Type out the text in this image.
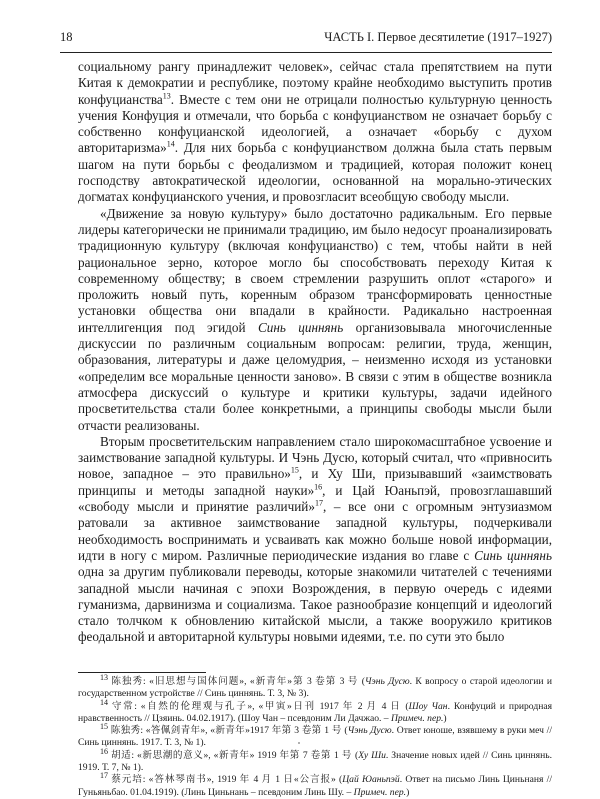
18	ЧАСТЬ I. Первое десятилетие (1917–1927)

социальному рангу принадлежит человек», сейчас стала препятствием на пути Китая к демократии и республике, поэтому крайне необходимо выступить против конфуцианства$^{13}$. Вместе с тем они не отрицали полностью культурную ценность учения Конфуция и отмечали, что борьба с конфуцианством не означает борьбу с собственно конфуцианской идеологией, а означает «борьбу с духом авторитаризма»$^{14}$. Для них борьба с конфуцианством должна была стать первым шагом на пути борьбы с феодализмом и традицией, которая положит конец господству автократической идеологии, основанной на морально-этических догматах конфуцианского учения, и провозгласит всеобщую свободу мысли.

«Движение за новую культуру» было достаточно радикальным. Его первые лидеры категорически не принимали традицию, им было недосуг проанализировать традиционную культуру (включая конфуцианство) с тем, чтобы найти в ней рациональное зерно, которое могло бы способствовать переходу Китая к современному обществу; в своем стремлении разрушить оплот «старого» и проложить новый путь, коренным образом трансформировать ценностные установки общества они впадали в крайности. Радикально настроенная интеллигенция под эгидой Синь циннянь организовывала многочисленные дискуссии по различным социальным вопросам: религии, труда, женщин, образования, литературы и даже целомудрия, – неизменно исходя из установки «определим все моральные ценности заново». В связи с этим в обществе возникла атмосфера дискуссий о культуре и критики культуры, задачи идейного просветительства стали более конкретными, а принципы свободы мысли были отчасти реализованы.

Вторым просветительским направлением стало широкомасштабное усвоение и заимствование западной культуры. И Чэнь Дусю, который считал, что «привносить новое, западное – это правильно»$^{15}$, и Ху Ши, призывавший «заимствовать принципы и методы западной науки»$^{16}$, и Цай Юаньпэй, провозглашавший «свободу мысли и принятие различий»$^{17}$, – все они с огромным энтузиазмом ратовали за активное заимствование западной культуры, подчеркивали необходимость воспринимать и усваивать как можно больше новой информации, идти в ногу с миром. Различные периодические издания во главе с Синь циннянь одна за другим публиковали переводы, которые знакомили читателей с течениями западной мысли начиная с эпохи Возрождения, в первую очередь с идеями гуманизма, дарвинизма и социализма. Такое разнообразие концепций и идеологий стало толчком к обновлению китайской мысли, а также вооружило критиков феодальной и авторитарной культуры новыми идеями, т.е. по сути это было

$^{13}$ 陈独秀: «旧思想与国体问题», «新青年»第 3 卷第 3 号 (Чэнь Дусю. К вопросу о старой идеологии и государственном устройстве // Синь циннянь. Т. 3, № 3).

$^{14}$ 守常: «自然的伦理观与孔子», «甲寅»日刊 1917 年 2 月 4 日 (Шоу Чан. Конфуций и природная нравственность // Цзяинь. 04.02.1917). (Шоу Чан – псевдоним Ли Дачжао. – Примеч. пер.)

$^{15}$ 陈独秀: «答佩剑青年», «新青年»1917 年第 3 卷第 1 号 (Чэнь Дусю. Ответ юноше, взявшему в руки меч // Синь циннянь. 1917. Т. 3, № 1).

$^{16}$ 胡适: «新思潮的意义», «新青年» 1919 年第 7 卷第 1 号 (Ху Ши. Значение новых идей // Синь циннянь. 1919. Т. 7, № 1).

$^{17}$ 蔡元培: «答林琴南书», 1919 年 4 月 1 日«公言报» (Цай Юаньпэй. Ответ на письмо Линь Циньнаня // Гуньяньбао. 01.04.1919). (Линь Циньнань – псевдоним Линь Шу. – Примеч. пер.)
